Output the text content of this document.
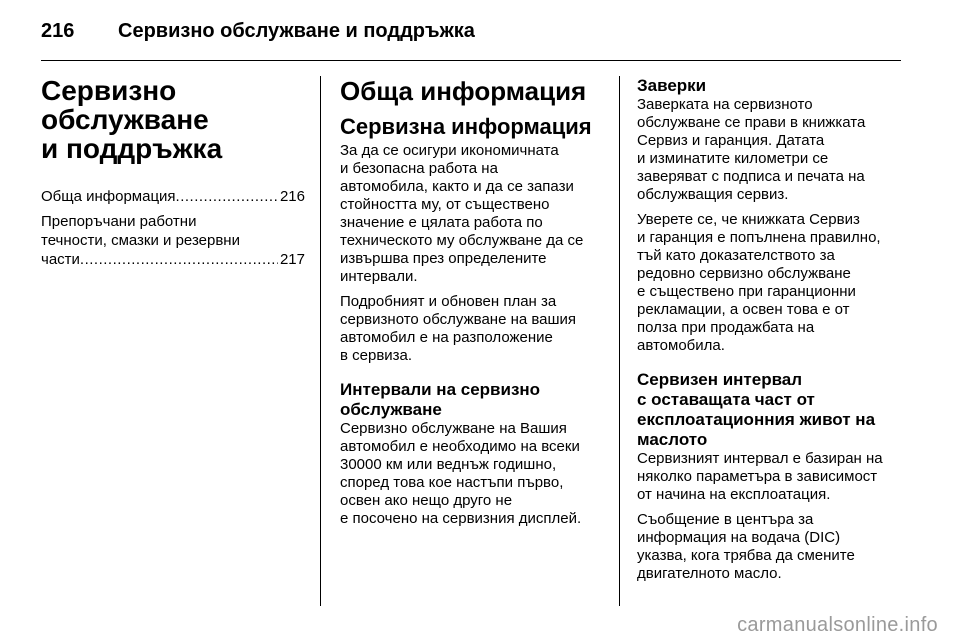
216 Сервизно обслужване и поддръжка
Сервизно
обслужване
и поддръжка
Обща информация .....	216
Препоръчани работни
течности, смазки и резервни
части .....	217
Обща информация
Сервизна информация
За да се осигури икономичната
и безопасна работа на
автомобила, както и да се запази
стойността му, от съществено
значение е цялата работа по
техническото му обслужване да се
извършва през определените
интервали.
Подробният и обновен план за
сервизното обслужване на вашия
автомобил е на разположение
в сервиза.
Интервали на сервизно
обслужване
Сервизно обслужване на Вашия
автомобил е необходимо на всеки
30000 км или веднъж годишно,
според това кое настъпи първо,
освен ако нещо друго не
е посочено на сервизния дисплей.
Заверки
Заверката на сервизното
обслужване се прави в книжката
Сервиз и гаранция. Датата
и изминатите километри се
заверяват с подписа и печата на
обслужващия сервиз.
Уверете се, че книжката Сервиз
и гаранция е попълнена правилно,
тъй като доказателството за
редовно сервизно обслужване
е съществено при гаранционни
рекламации, а освен това е от
полза при продажбата на
автомобила.
Сервизен интервал
с оставащата част от
експлоатационния живот на
маслото
Сервизният интервал е базиран на
няколко параметъра в зависимост
от начина на експлоатация.
Съобщение в центъра за
информация на водача (DIC)
указва, кога трябва да смените
двигателното масло.
carmanualsonline.info
